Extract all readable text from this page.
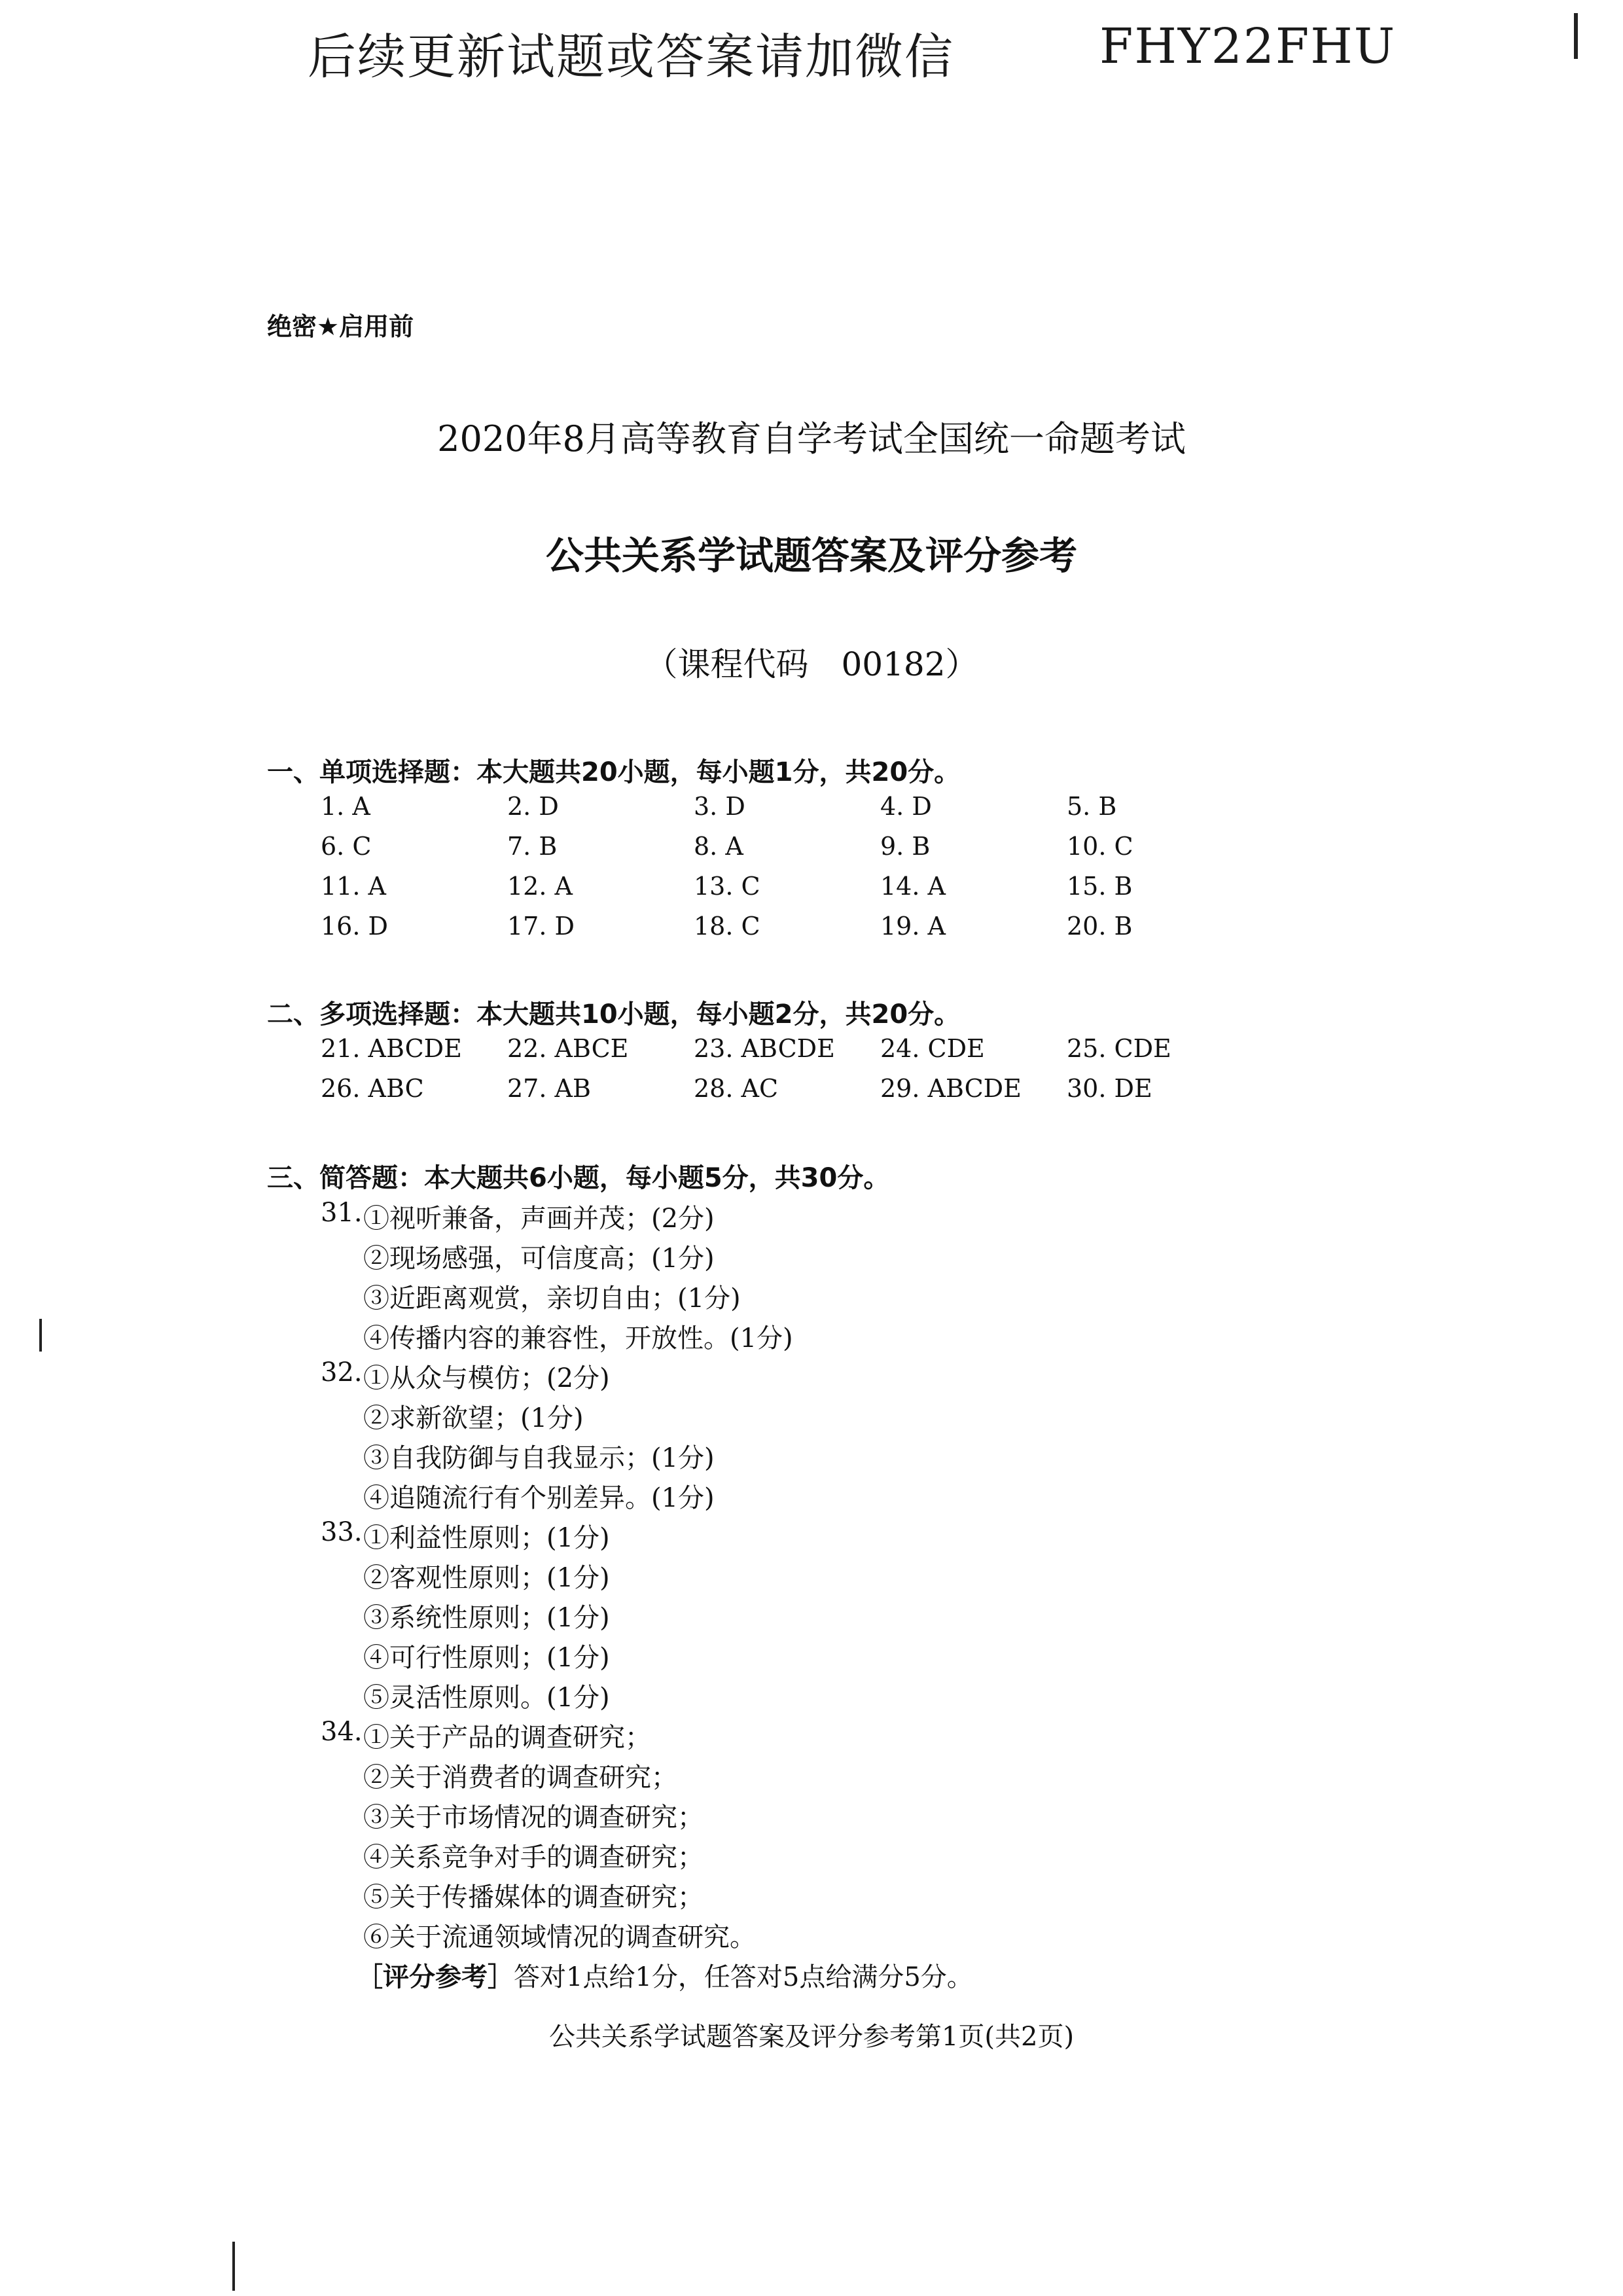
后续更新试题或答案请加微信	FHY22FHU
绝密★启用前
2020年8月高等教育自学考试全国统一命题考试
公共关系学试题答案及评分参考
（课程代码　00182）
一、单项选择题：本大题共20小题，每小题1分，共20分。
1. A	2. D	3. D	4. D	5. B
6. C	7. B	8. A	9. B	10. C
11. A	12. A	13. C	14. A	15. B
16. D	17. D	18. C	19. A	20. B
二、多项选择题：本大题共10小题，每小题2分，共20分。
21. ABCDE 22. ABCE	23. ABCDE 24. CDE	25. CDE
26. ABC	27. AB	28. AC	29. ABCDE 30. DE
三、简答题：本大题共6小题，每小题5分，共30分。
31. ①视听兼备，声画并茂；(2分)
②现场感强，可信度高；(1分)
③近距离观赏，亲切自由；(1分)
④传播内容的兼容性，开放性。(1分)
32. ①从众与模仿；(2分)
②求新欲望；(1分)
③自我防御与自我显示；(1分)
④追随流行有个别差异。(1分)
33. ①利益性原则；(1分)
②客观性原则；(1分)
③系统性原则；(1分)
④可行性原则；(1分)
⑤灵活性原则。(1分)
34. ①关于产品的调查研究；
②关于消费者的调查研究；
③关于市场情况的调查研究；
④关系竞争对手的调查研究；
⑤关于传播媒体的调查研究；
⑥关于流通领域情况的调查研究。
［评分参考］答对1点给1分，任答对5点给满分5分。
公共关系学试题答案及评分参考第1页(共2页)
